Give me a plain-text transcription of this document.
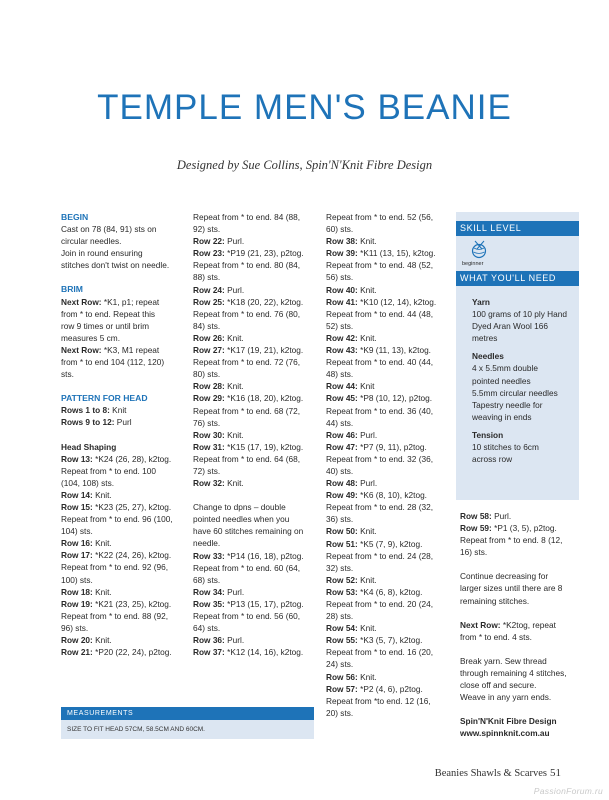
TEMPLE MEN'S BEANIE
Designed by Sue Collins, Spin'N'Knit Fibre Design

BEGIN

Cast on 78 (84, 91) sts on
circular needles.
Join in round ensuring
stitches don't twist on needle.

BRIM

Next Row: *K1, p1; repeat
from * to end. Repeat this
row 9 times or until brim
measures 5 cm.
Next Row: *K3, M1 repeat
from * to end 104 (112, 120)
sts.

PATTERN FOR HEAD

Rows 1 to 8: Knit
Rows 9 to 12: Purl
Head Shaping
Row 13: *K24 (26, 28), k2tog.
Repeat from * to end. 100
(104, 108) sts.
Row 14: Knit.
Row 15: *K23 (25, 27), k2tog.
Repeat from * to end. 96 (100,
104) sts.
Row 16: Knit.
Row 17: *K22 (24, 26), k2tog.
Repeat from * to end. 92 (96,
100) sts.
Row 18: Knit.
Row 19: *K21 (23, 25), k2tog.
Repeat from * to end. 88 (92,
96) sts.
Row 20: Knit.
Row 21: *P20 (22, 24), p2tog.
Repeat from * to end. 84 (88,
92) sts.
Row 22: Purl.
Row 23: *P19 (21, 23), p2tog.
Repeat from * to end. 80 (84,
88) sts.
Row 24: Purl.
Row 25: *K18 (20, 22), k2tog.
Repeat from * to end. 76 (80,
84) sts.
Row 26: Knit.
Row 27: *K17 (19, 21), k2tog.
Repeat from * to end. 72 (76,
80) sts.
Row 28: Knit.
Row 29: *K16 (18, 20), k2tog.
Repeat from * to end. 68 (72,
76) sts.
Row 30: Knit.
Row 31: *K15 (17, 19), k2tog.
Repeat from * to end. 64 (68,
72) sts.
Row 32: Knit.
Change to dpns – double
pointed needles when you
have 60 stitches remaining on
needle.
Row 33: *P14 (16, 18), p2tog.
Repeat from * to end. 60 (64,
68) sts.
Row 34: Purl.
Row 35: *P13 (15, 17), p2tog.
Repeat from * to end. 56 (60,
64) sts.
Row 36: Purl.
Row 37: *K12 (14, 16), k2tog.
Repeat from * to end. 52 (56,
60) sts.
Row 38: Knit.
Row 39: *K11 (13, 15), k2tog.
Repeat from * to end. 48 (52,
56) sts.
Row 40: Knit.
Row 41: *K10 (12, 14), k2tog.
Repeat from * to end. 44 (48,
52) sts.
Row 42: Knit.
Row 43: *K9 (11, 13), k2tog.
Repeat from * to end. 40 (44,
48) sts.
Row 44: Knit
Row 45: *P8 (10, 12), p2tog.
Repeat from * to end. 36 (40,
44) sts.
Row 46: Purl.
Row 47: *P7 (9, 11), p2tog.
Repeat from * to end. 32 (36,
40) sts.
Row 48: Purl.
Row 49: *K6 (8, 10), k2tog.
Repeat from * to end. 28 (32,
36) sts.
Row 50: Knit.
Row 51: *K5 (7, 9), k2tog.
Repeat from * to end. 24 (28,
32) sts.
Row 52: Knit.
Row 53: *K4 (6, 8), k2tog.
Repeat from * to end. 20 (24,
28) sts.
Row 54: Knit.
Row 55: *K3 (5, 7), k2tog.
Repeat from * to end. 16 (20,
24) sts.
Row 56: Knit.
Row 57: *P2 (4, 6), p2tog.
Repeat from *to end. 12 (16,
20) sts.
SKILL LEVEL
beginner
WHAT YOU'LL NEED
Yarn
100 grams of 10 ply Hand
Dyed Aran Wool 166
metres
Needles
4 x 5.5mm double
pointed needles
5.5mm circular needles
Tapestry needle for
weaving in ends
Tension
10 stitches to 6cm
across row
Row 58: Purl.
Row 59: *P1 (3, 5), p2tog.
Repeat from * to end. 8 (12,
16) sts.
Continue decreasing for
larger sizes until there are 8
remaining stitches.
Next Row: *K2tog, repeat
from * to end. 4 sts.
Break yarn. Sew thread
through remaining 4 stitches,
close off and secure.
Weave in any yarn ends.
Spin'N'Knit Fibre Design
www.spinnknit.com.au
MEASUREMENTS
SIZE TO FIT HEAD 57CM, 58.5CM AND 60CM.
Beanies Shawls & Scarves 51
PassionForum.ru
